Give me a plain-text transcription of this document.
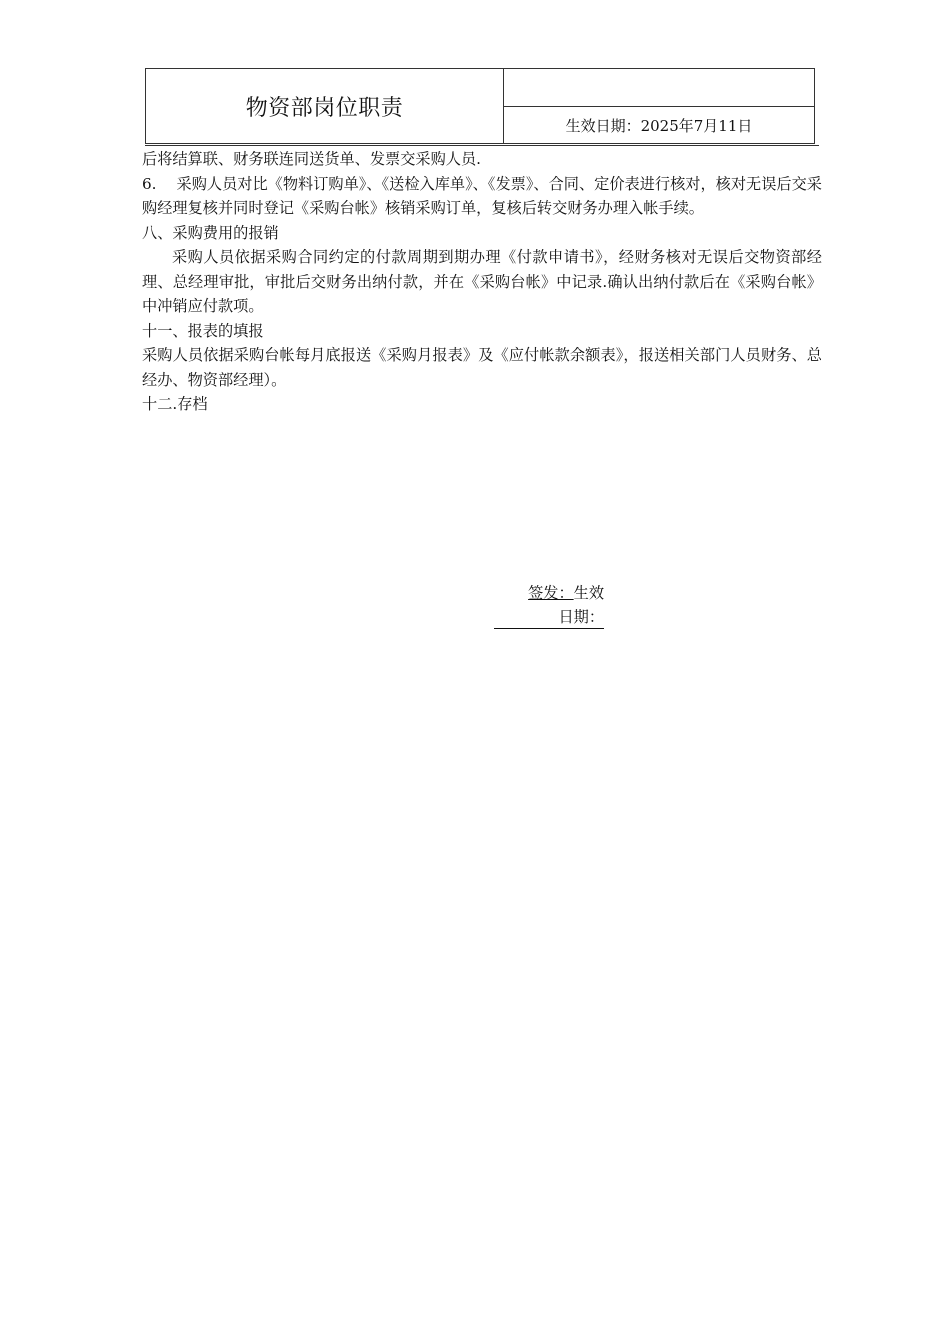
物资部岗位职责
生效日期：2025年7月11日

后将结算联、财务联连同送货单、发票交采购人员.

6.　 采购人员对比《物料订购单》、《送检入库单》、《发票》、合同、定价表进行核对，核对无误后交采购经理复核并同时登记《采购台帐》核销采购订单，复核后转交财务办理入帐手续。

八、采购费用的报销

采购人员依据采购合同约定的付款周期到期办理《付款申请书》，经财务核对无误后交物资部经理、总经理审批，审批后交财务出纳付款，并在《采购台帐》中记录.确认出纳付款后在《采购台帐》中冲销应付款项。

十一、报表的填报

采购人员依据采购台帐每月底报送《采购月报表》及《应付帐款余额表》，报送相关部门人员财务、总经办、物资部经理）。

十二.存档

签发：生效
日期：
